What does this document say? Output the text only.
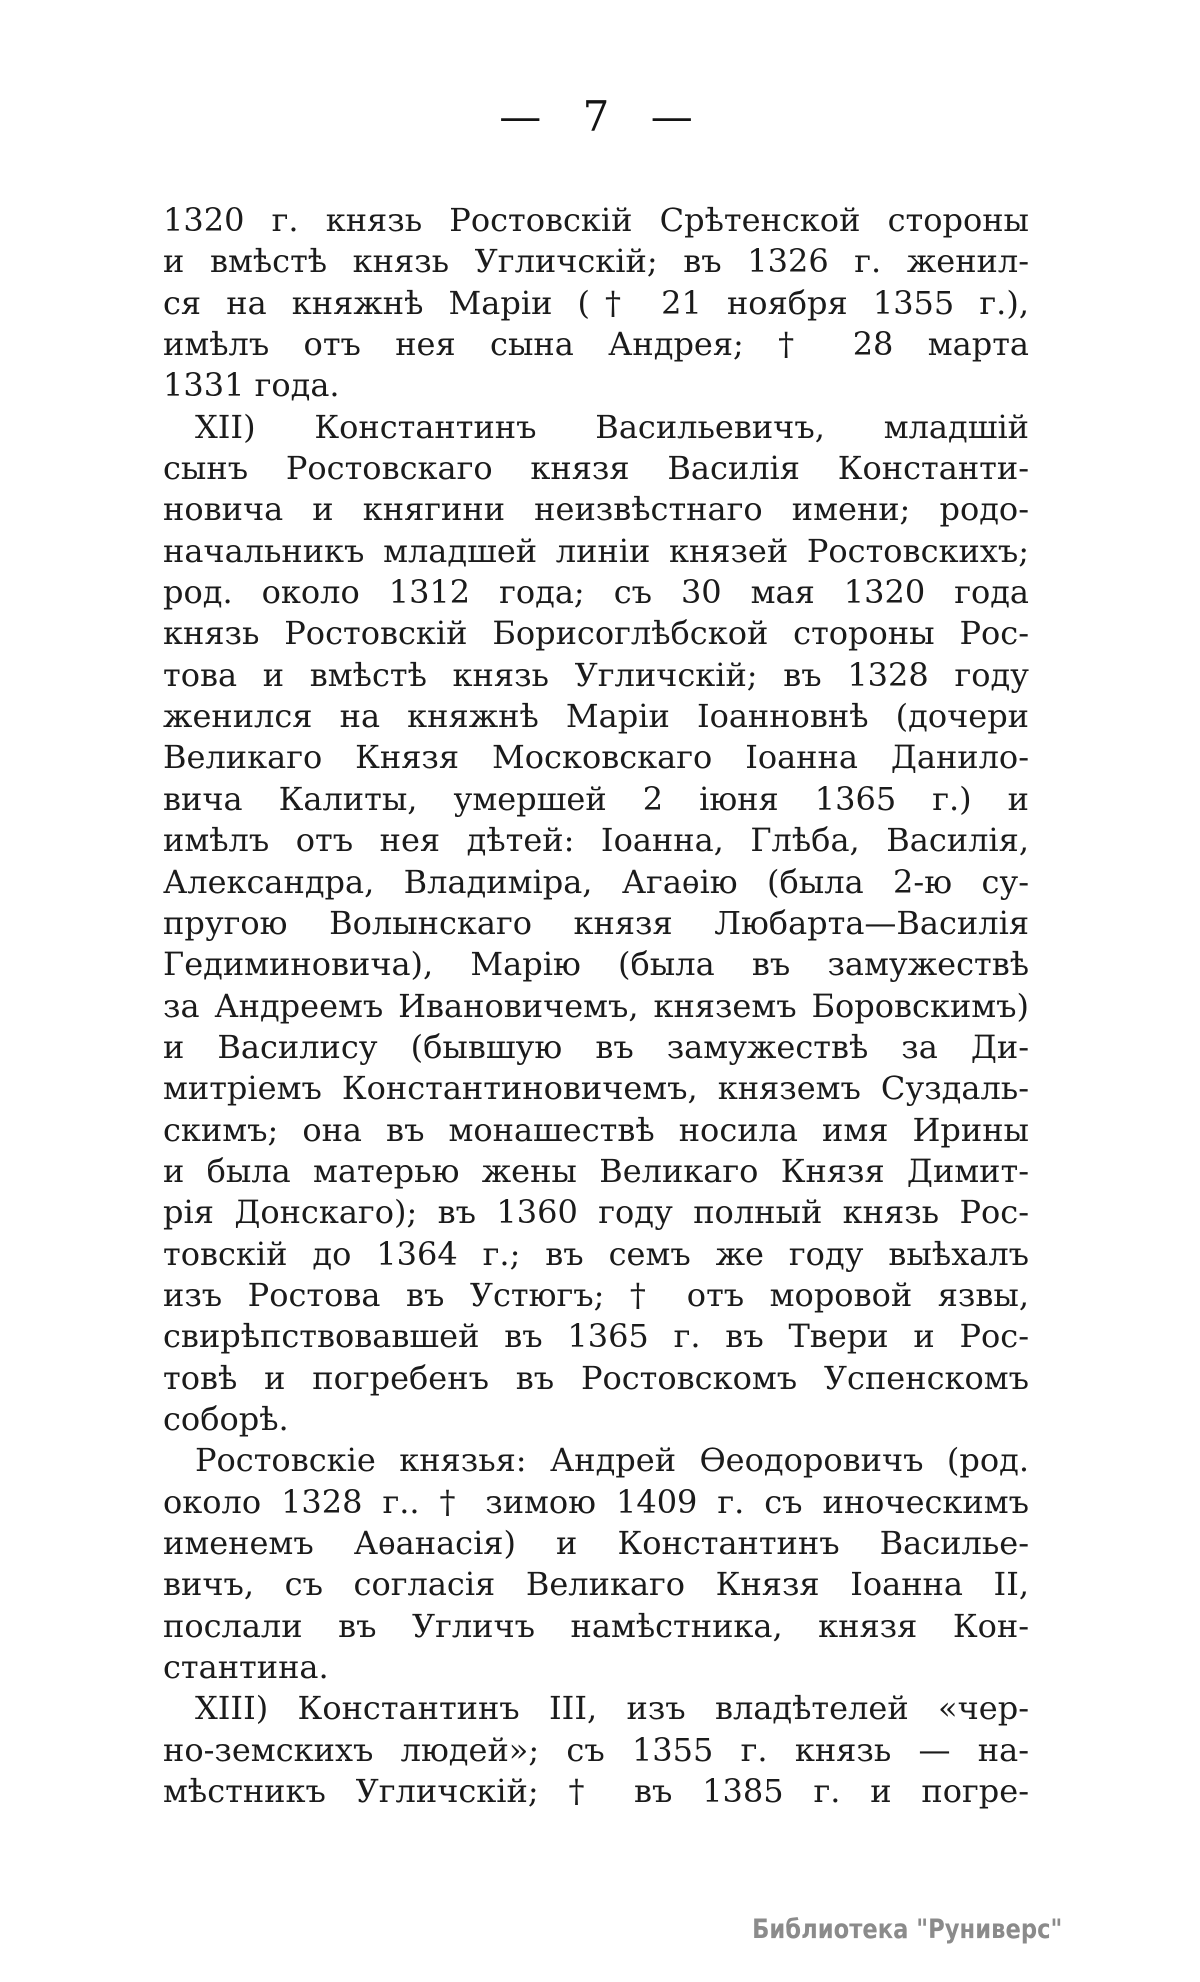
— 7 —
1320 г. князь Ростовскій Срѣтенской стороны
и вмѣстѣ князь Угличскій; въ 1326 г. женил-
ся на княжнѣ Маріи († 21 ноября 1355 г.),
имѣлъ отъ нея сына Андрея; † 28 марта
1331 года.
XII) Константинъ Васильевичъ, младшій
сынъ Ростовскаго князя Василія Константи-
новича и княгини неизвѣстнаго имени; родо-
начальникъ младшей линіи князей Ростовскихъ;
род. около 1312 года; съ 30 мая 1320 года
князь Ростовскій Борисоглѣбской стороны Рос-
това и вмѣстѣ князь Угличскій; въ 1328 году
женился на княжнѣ Маріи Іоанновнѣ (дочери
Великаго Князя Московскаго Іоанна Данило-
вича Калиты, умершей 2 іюня 1365 г.) и
имѣлъ отъ нея дѣтей: Іоанна, Глѣба, Василія,
Александра, Владиміра, Агаѳію (была 2-ю су-
пругою Волынскаго князя Любарта—Василія
Гедиминовича), Марію (была въ замужествѣ
за Андреемъ Ивановичемъ, княземъ Боровскимъ)
и Василису (бывшую въ замужествѣ за Ди-
митріемъ Константиновичемъ, княземъ Суздаль-
скимъ; она въ монашествѣ носила имя Ирины
и была матерью жены Великаго Князя Димит-
рія Донскаго); въ 1360 году полный князь Рос-
товскій до 1364 г.; въ семъ же году выѣхалъ
изъ Ростова въ Устюгъ; † отъ моровой язвы,
свирѣпствовавшей въ 1365 г. въ Твери и Рос-
товѣ и погребенъ въ Ростовскомъ Успенскомъ
соборѣ.
Ростовскіе князья: Андрей Ѳеодоровичъ (род.
около 1328 г.. † зимою 1409 г. съ иноческимъ
именемъ Аѳанасія) и Константинъ Василье-
вичъ, съ согласія Великаго Князя Іоанна II,
послали въ Угличъ намѣстника, князя Кон-
стантина.
XIII) Константинъ III, изъ владѣтелей «чер-
но-земскихъ людей»; съ 1355 г. князь — на-
мѣстникъ Угличскій; † въ 1385 г. и погре-
Библиотека "Руниверс"
